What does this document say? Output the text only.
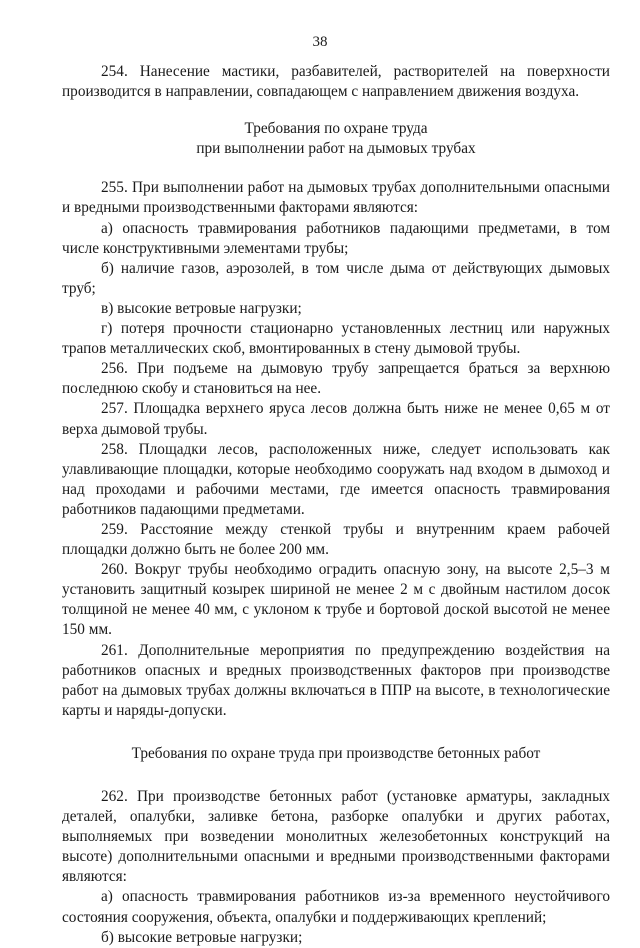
38

254. Нанесение мастики, разбавителей, растворителей на поверхности производится в направлении, совпадающем с направлением движения воздуха.

Требования по охране труда
при выполнении работ на дымовых трубах

255. При выполнении работ на дымовых трубах дополнительными опасными и вредными производственными факторами являются:

а) опасность травмирования работников падающими предметами, в том числе конструктивными элементами трубы;

б) наличие газов, аэрозолей, в том числе дыма от действующих дымовых труб;

в) высокие ветровые нагрузки;

г) потеря прочности стационарно установленных лестниц или наружных трапов металлических скоб, вмонтированных в стену дымовой трубы.

256. При подъеме на дымовую трубу запрещается браться за верхнюю последнюю скобу и становиться на нее.

257. Площадка верхнего яруса лесов должна быть ниже не менее 0,65 м от верха дымовой трубы.

258. Площадки лесов, расположенных ниже, следует использовать как улавливающие площадки, которые необходимо сооружать над входом в дымоход и над проходами и рабочими местами, где имеется опасность травмирования работников падающими предметами.

259. Расстояние между стенкой трубы и внутренним краем рабочей площадки должно быть не более 200 мм.

260. Вокруг трубы необходимо оградить опасную зону, на высоте 2,5–3 м установить защитный козырек шириной не менее 2 м с двойным настилом досок толщиной не менее 40 мм, с уклоном к трубе и бортовой доской высотой не менее 150 мм.

261. Дополнительные мероприятия по предупреждению воздействия на работников опасных и вредных производственных факторов при производстве работ на дымовых трубах должны включаться в ППР на высоте, в технологические карты и наряды-допуски.

Требования по охране труда при производстве бетонных работ

262. При производстве бетонных работ (установке арматуры, закладных деталей, опалубки, заливке бетона, разборке опалубки и других работах, выполняемых при возведении монолитных железобетонных конструкций на высоте) дополнительными опасными и вредными производственными факторами являются:

а) опасность травмирования работников из-за временного неустойчивого состояния сооружения, объекта, опалубки и поддерживающих креплений;

б) высокие ветровые нагрузки;
